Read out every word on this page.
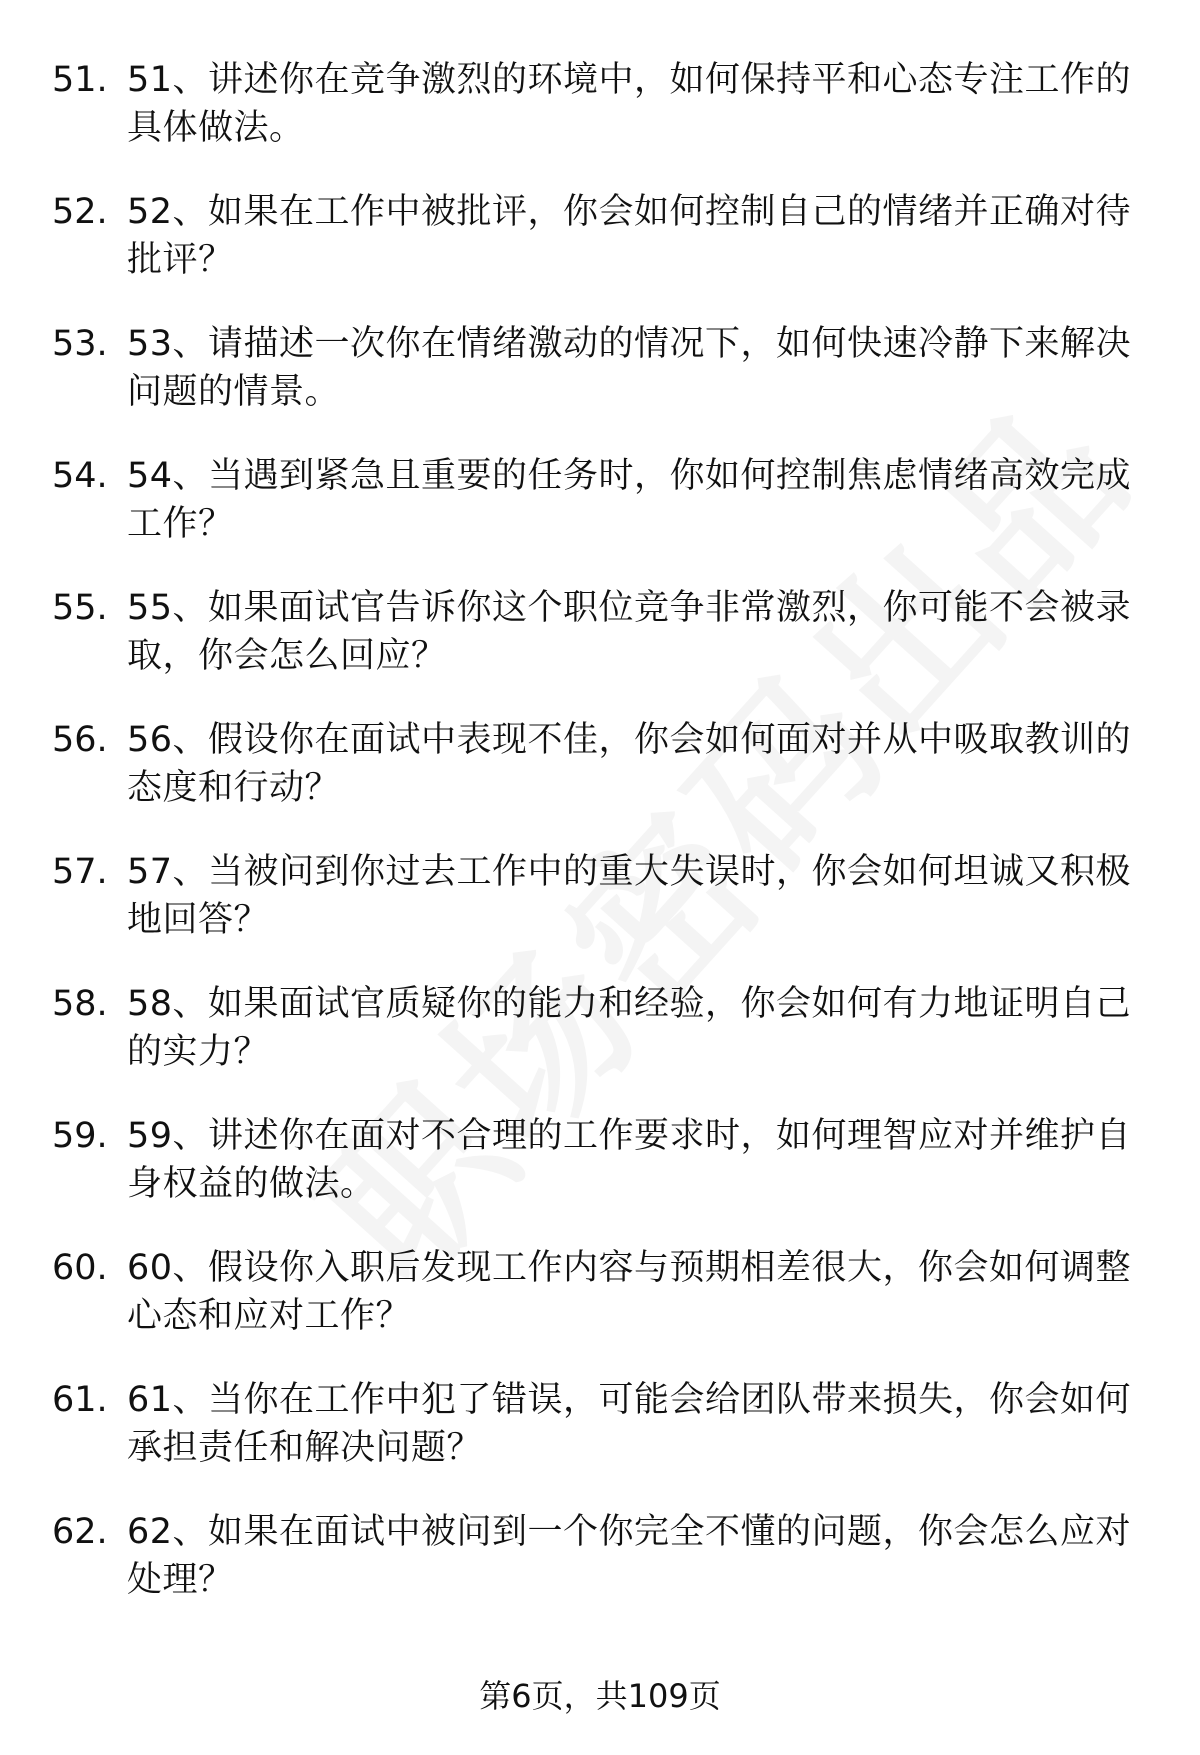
51. 51、讲述你在竞争激烈的环境中，如何保持平和心态专注工作的具体做法。
52. 52、如果在工作中被批评，你会如何控制自己的情绪并正确对待批评？
53. 53、请描述一次你在情绪激动的情况下，如何快速冷静下来解决问题的情景。
54. 54、当遇到紧急且重要的任务时，你如何控制焦虑情绪高效完成工作？
55. 55、如果面试官告诉你这个职位竞争非常激烈，你可能不会被录取，你会怎么回应？
56. 56、假设你在面试中表现不佳，你会如何面对并从中吸取教训的态度和行动？
57. 57、当被问到你过去工作中的重大失误时，你会如何坦诚又积极地回答？
58. 58、如果面试官质疑你的能力和经验，你会如何有力地证明自己的实力？
59. 59、讲述你在面对不合理的工作要求时，如何理智应对并维护自身权益的做法。
60. 60、假设你入职后发现工作内容与预期相差很大，你会如何调整心态和应对工作？
61. 61、当你在工作中犯了错误，可能会给团队带来损失，你会如何承担责任和解决问题？
62. 62、如果在面试中被问到一个你完全不懂的问题，你会怎么应对处理？
第6页，共109页
